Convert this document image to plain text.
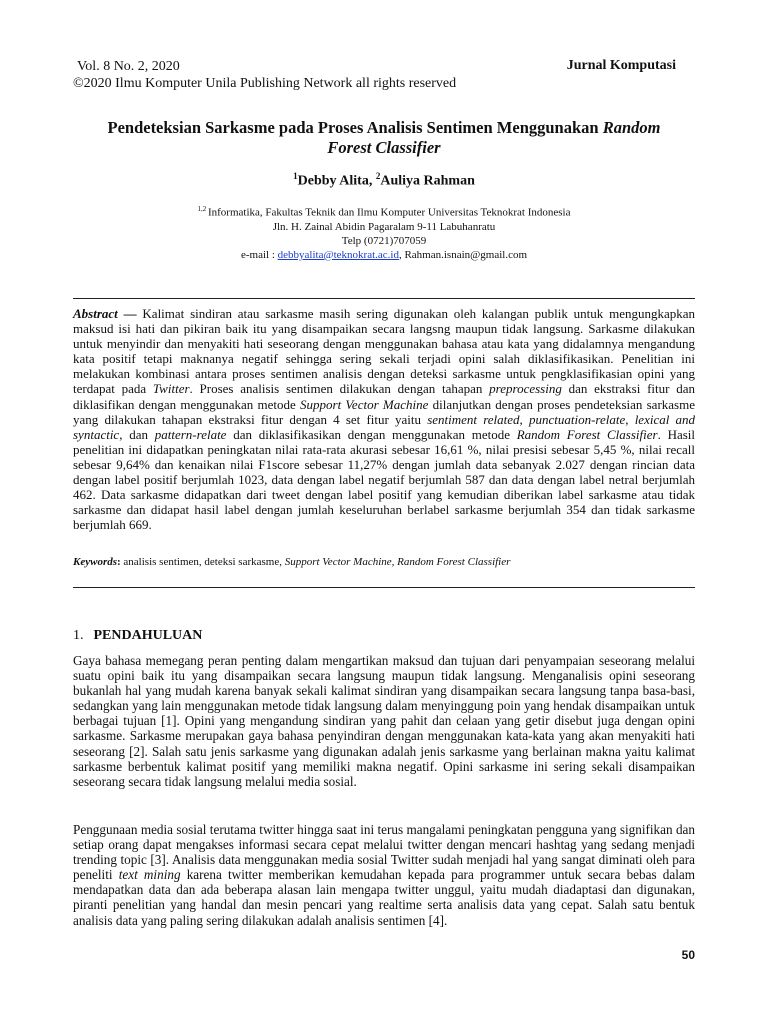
Vol. 8 No. 2, 2020
©2020 Ilmu Komputer Unila Publishing Network all rights reserved
Jurnal Komputasi
Pendeteksian Sarkasme pada Proses Analisis Sentimen Menggunakan Random
Forest Classifier
$^1$Debby Alita, $^2$Auliya Rahman
$^{1,2}$ Informatika, Fakultas Teknik dan Ilmu Komputer Universitas Teknokrat Indonesia
Jln. H. Zainal Abidin Pagaralam 9-11 Labuhanratu
Telp (0721)707059
e-mail : debbyalita@teknokrat.ac.id, Rahman.isnain@gmail.com
Abstract — Kalimat sindiran atau sarkasme masih sering digunakan oleh kalangan publik untuk mengungkapkan maksud isi hati dan pikiran baik itu yang disampaikan secara langsng maupun tidak langsung. Sarkasme dilakukan untuk menyindir dan menyakiti hati seseorang dengan menggunakan bahasa atau kata yang didalamnya mengandung kata positif tetapi maknanya negatif sehingga sering sekali terjadi opini salah diklasifikasikan. Penelitian ini melakukan kombinasi antara proses sentimen analisis dengan deteksi sarkasme untuk pengklasifikasian opini yang terdapat pada Twitter. Proses analisis sentimen dilakukan dengan tahapan preprocessing dan ekstraksi fitur dan diklasifikan dengan menggunakan metode Support Vector Machine dilanjutkan dengan proses pendeteksian sarkasme yang dilakukan tahapan ekstraksi fitur dengan 4 set fitur yaitu sentiment related, punctuation-relate, lexical and syntactic, dan pattern-relate dan diklasifikasikan dengan menggunakan metode Random Forest Classifier. Hasil penelitian ini didapatkan peningkatan nilai rata-rata akurasi sebesar 16,61 %, nilai presisi sebesar 5,45 %, nilai recall sebesar 9,64% dan kenaikan nilai F1score sebesar 11,27% dengan jumlah data sebanyak 2.027 dengan rincian data dengan label positif berjumlah 1023, data dengan label negatif berjumlah 587 dan data dengan label netral berjumlah 462. Data sarkasme didapatkan dari tweet dengan label positif yang kemudian diberikan label sarkasme atau tidak sarkasme dan didapat hasil label dengan jumlah keseluruhan berlabel sarkasme berjumlah 354 dan tidak sarkasme berjumlah 669.
Keywords: analisis sentimen, deteksi sarkasme, Support Vector Machine, Random Forest Classifier
1. PENDAHULUAN
Gaya bahasa memegang peran penting dalam mengartikan maksud dan tujuan dari penyampaian seseorang melalui suatu opini baik itu yang disampaikan secara langsung maupun tidak langsung. Menganalisis opini seseorang bukanlah hal yang mudah karena banyak sekali kalimat sindiran yang disampaikan secara langsung tanpa basa-basi, sedangkan yang lain menggunakan metode tidak langsung dalam menyinggung poin yang hendak disampaikan untuk berbagai tujuan [1]. Opini yang mengandung sindiran yang pahit dan celaan yang getir disebut juga dengan opini sarkasme. Sarkasme merupakan gaya bahasa penyindiran dengan menggunakan kata-kata yang akan menyakiti hati seseorang [2]. Salah satu jenis sarkasme yang digunakan adalah jenis sarkasme yang berlainan makna yaitu kalimat sarkasme berbentuk kalimat positif yang memiliki makna negatif. Opini sarkasme ini sering sekali disampaikan seseorang secara tidak langsung melalui media sosial.
Penggunaan media sosial terutama twitter hingga saat ini terus mangalami peningkatan pengguna yang signifikan dan setiap orang dapat mengakses informasi secara cepat melalui twitter dengan mencari hashtag yang sedang menjadi trending topic [3]. Analisis data menggunakan media sosial Twitter sudah menjadi hal yang sangat diminati oleh para peneliti text mining karena twitter memberikan kemudahan kepada para programmer untuk secara bebas dalam mendapatkan data dan ada beberapa alasan lain mengapa twitter unggul, yaitu mudah diadaptasi dan digunakan, piranti penelitian yang handal dan mesin pencari yang realtime serta analisis data yang cepat. Salah satu bentuk analisis data yang paling sering dilakukan adalah analisis sentimen [4].
50
